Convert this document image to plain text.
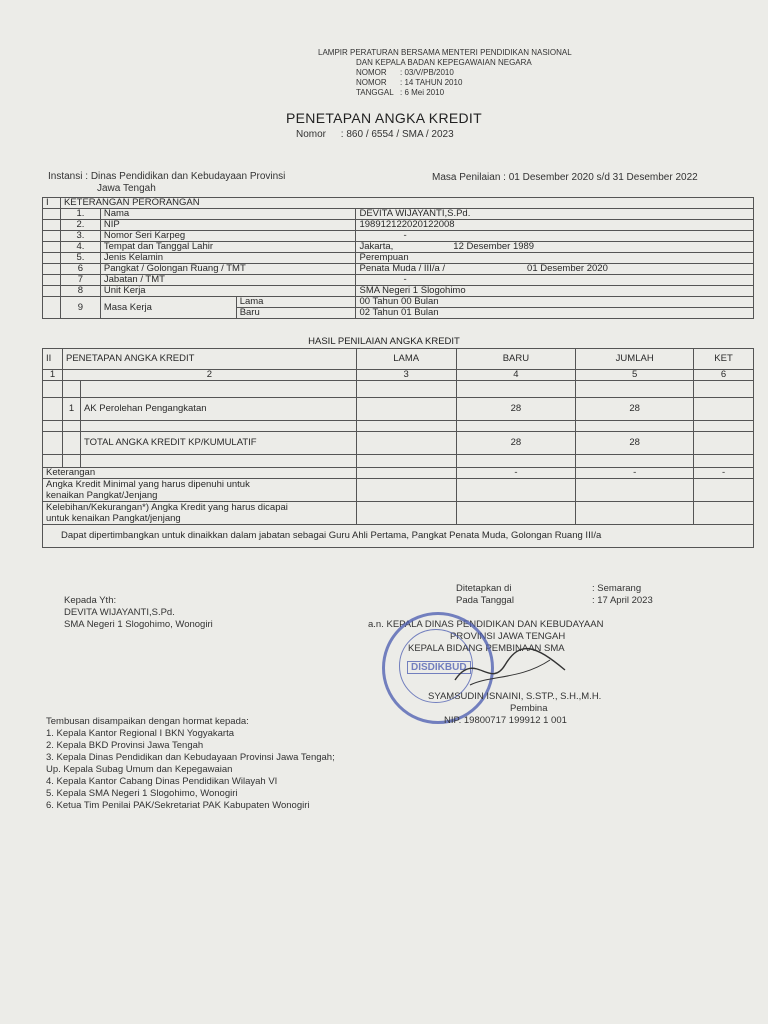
LAMPIR PERATURAN BERSAMA MENTERI PENDIDIKAN NASIONAL
DAN KEPALA BADAN KEPEGAWAIAN NEGARA
NOMOR	: 03/V/PB/2010
NOMOR	: 14 TAHUN 2010
TANGGAL : 6 Mei 2010
PENETAPAN ANGKA KREDIT
Nomor : 860 / 6554 / SMA / 2023
Instansi : Dinas Pendidikan dan Kebudayaan Provinsi
Jawa Tengah
Masa Penilaian : 01 Desember 2020 s/d 31 Desember 2022
I	KETERANGAN PERORANGAN			
	1.	Nama		DEVITA WIJAYANTI,S.Pd.
	2.	NIP		198912122020122008
	3.	Nomor Seri Karpeg		-
	4.	Tempat dan Tanggal Lahir		Jakarta, 12 Desember 1989
	5.	Jenis Kelamin		Perempuan
	6	Pangkat / Golongan Ruang / TMT		Penata Muda / III/a / 01 Desember 2020
	7	Jabatan / TMT		-
	8	Unit Kerja		SMA Negeri 1 Slogohimo
	9	Masa Kerja	Lama	00 Tahun 00 Bulan
			Baru	02 Tahun 01 Bulan
HASIL PENILAIAN ANGKA KREDIT
II	PENETAPAN ANGKA KREDIT		LAMA	BARU	JUMLAH	KET
1	2		3	4	5	6

	1	AK Perolehan Pengangkatan		28	28	

		TOTAL ANGKA KREDIT KP/KUMULATIF		28	28	

Keterangan				-	-	-

Angka Kredit Minimal yang harus dipenuhi untuk
kenaikan Pangkat/Jenjang						

Kelebihan/Kekurangan*) Angka Kredit yang harus dicapai
untuk kenaikan Pangkat/jenjang						

Dapat dipertimbangkan untuk dinaikkan dalam jabatan sebagai Guru Ahli Pertama, Pangkat Penata Muda, Golongan Ruang III/a						
Ditetapkan di	: Semarang
Pada Tanggal	: 17 April 2023
Kepada Yth:
DEVITA WIJAYANTI,S.Pd.
SMA Negeri 1 Slogohimo, Wonogiri	a.n. KEPALA DINAS PENDIDIKAN DAN KEBUDAYAAN
PROVINSI JAWA TENGAH
KEPALA BIDANG PEMBINAAN SMA
DISDIKBUD
SYAMSUDIN ISNAINI, S.STP., S.H.,M.H.
Pembina
NIP. 19800717 199912 1 001
Tembusan disampaikan dengan hormat kepada:
1. Kepala Kantor Regional I BKN Yogyakarta
2. Kepala BKD Provinsi Jawa Tengah
3. Kepala Dinas Pendidikan dan Kebudayaan Provinsi Jawa Tengah;
Up. Kepala Subag Umum dan Kepegawaian
4. Kepala Kantor Cabang Dinas Pendidikan Wilayah VI
5. Kepala SMA Negeri 1 Slogohimo, Wonogiri
6. Ketua Tim Penilai PAK/Sekretariat PAK Kabupaten Wonogiri
